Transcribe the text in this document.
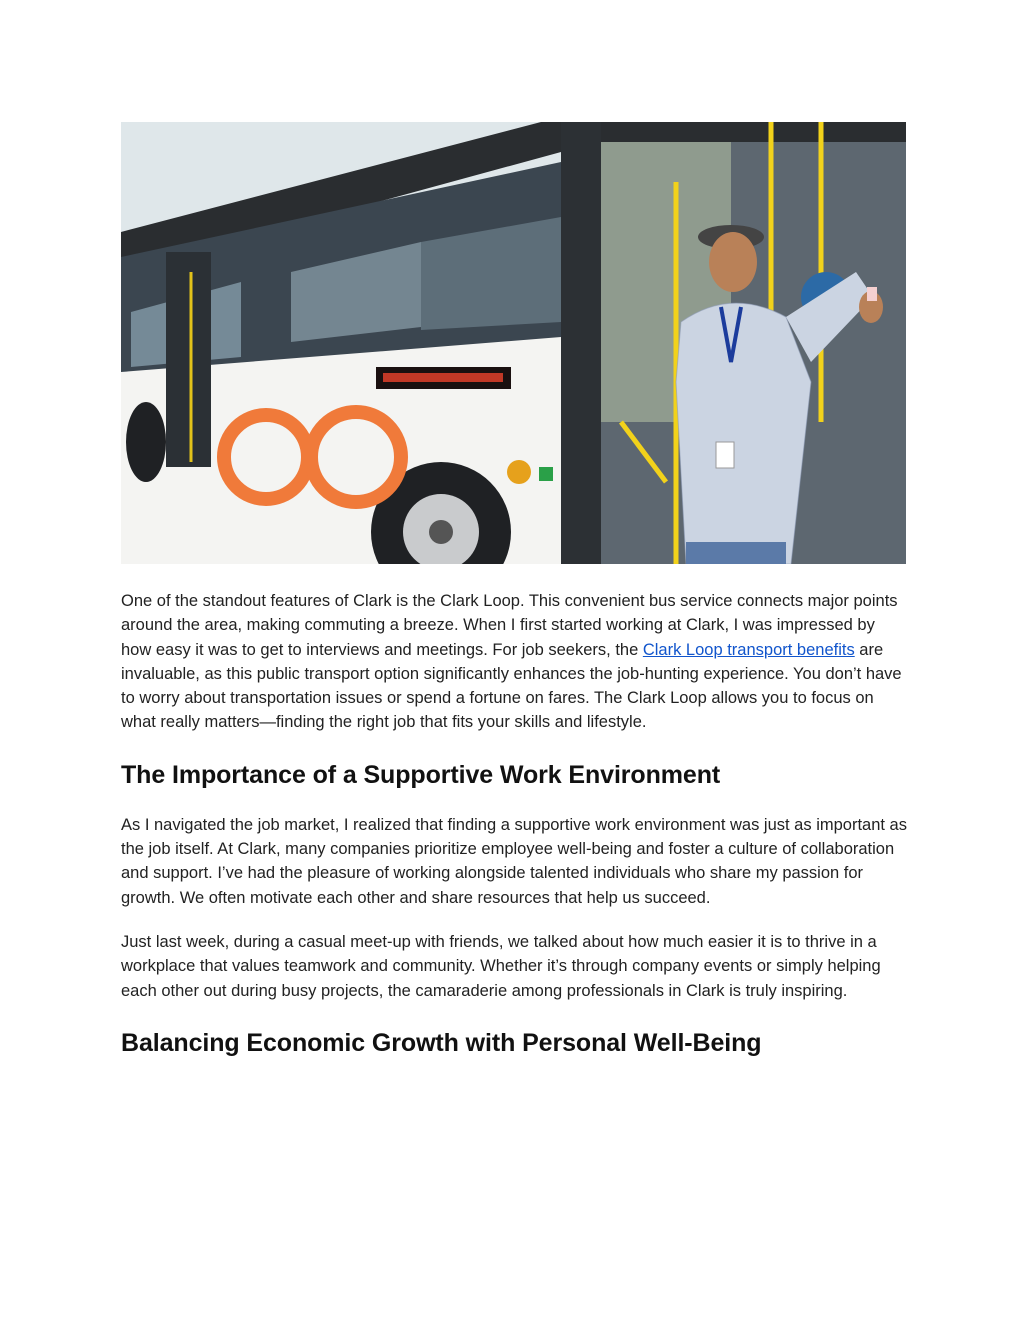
One of the standout features of Clark is the Clark Loop. This convenient bus service connects major points around the area, making commuting a breeze. When I first started working at Clark, I was impressed by how easy it was to get to interviews and meetings. For job seekers, the Clark Loop transport benefits are invaluable, as this public transport option significantly enhances the job-hunting experience. You don’t have to worry about transportation issues or spend a fortune on fares. The Clark Loop allows you to focus on what really matters—finding the right job that fits your skills and lifestyle.

The Importance of a Supportive Work Environment

As I navigated the job market, I realized that finding a supportive work environment was just as important as the job itself. At Clark, many companies prioritize employee well-being and foster a culture of collaboration and support. I’ve had the pleasure of working alongside talented individuals who share my passion for growth. We often motivate each other and share resources that help us succeed.

Just last week, during a casual meet-up with friends, we talked about how much easier it is to thrive in a workplace that values teamwork and community. Whether it’s through company events or simply helping each other out during busy projects, the camaraderie among professionals in Clark is truly inspiring.

Balancing Economic Growth with Personal Well-Being
